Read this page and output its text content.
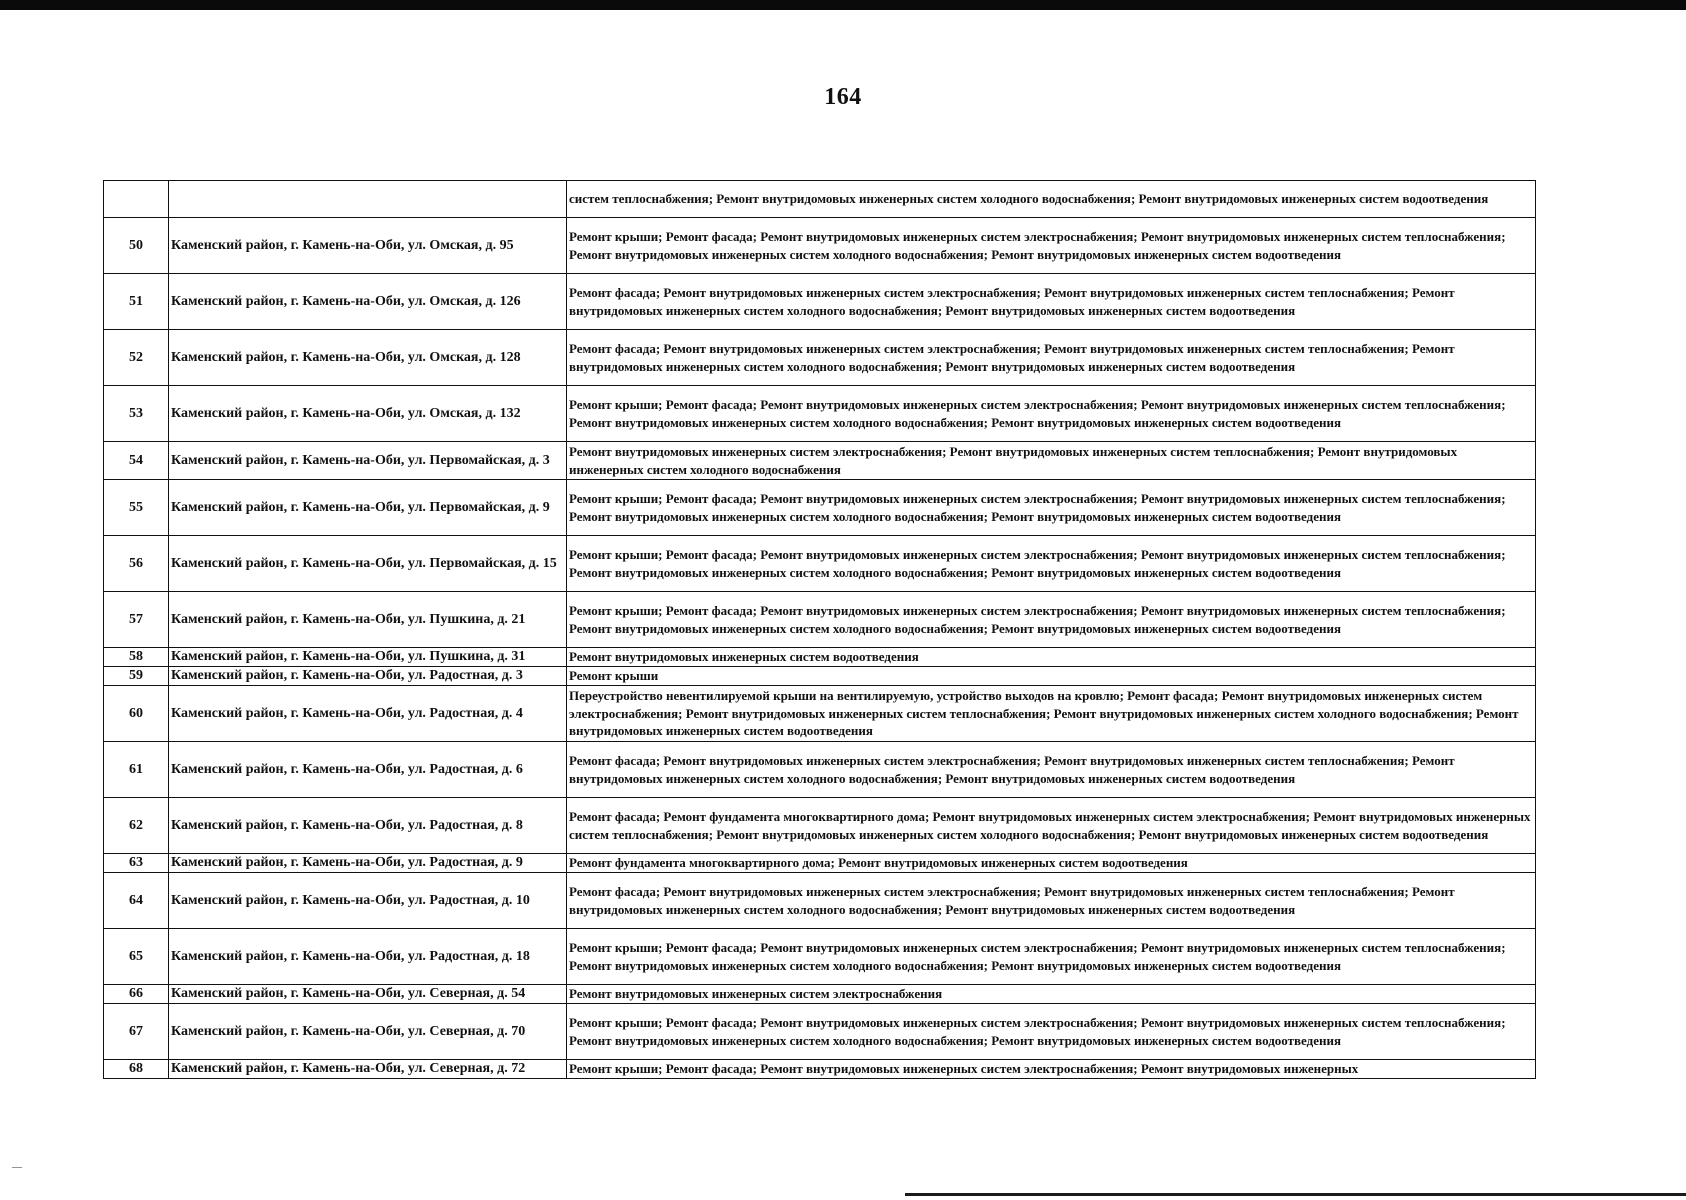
164
		систем теплоснабжения; Ремонт внутридомовых инженерных систем холодного водоснабжения; Ремонт внутридомовых инженерных систем водоотведения
50	Каменский район, г. Камень-на-Оби, ул. Омская, д. 95	Ремонт крыши; Ремонт фасада; Ремонт внутридомовых инженерных систем электроснабжения; Ремонт внутридомовых инженерных систем теплоснабжения; Ремонт внутридомовых инженерных систем холодного водоснабжения; Ремонт внутридомовых инженерных систем водоотведения
51	Каменский район, г. Камень-на-Оби, ул. Омская, д. 126	Ремонт фасада; Ремонт внутридомовых инженерных систем электроснабжения; Ремонт внутридомовых инженерных систем теплоснабжения; Ремонт внутридомовых инженерных систем холодного водоснабжения; Ремонт внутридомовых инженерных систем водоотведения
52	Каменский район, г. Камень-на-Оби, ул. Омская, д. 128	Ремонт фасада; Ремонт внутридомовых инженерных систем электроснабжения; Ремонт внутридомовых инженерных систем теплоснабжения; Ремонт внутридомовых инженерных систем холодного водоснабжения; Ремонт внутридомовых инженерных систем водоотведения
53	Каменский район, г. Камень-на-Оби, ул. Омская, д. 132	Ремонт крыши; Ремонт фасада; Ремонт внутридомовых инженерных систем электроснабжения; Ремонт внутридомовых инженерных систем теплоснабжения; Ремонт внутридомовых инженерных систем холодного водоснабжения; Ремонт внутридомовых инженерных систем водоотведения
54	Каменский район, г. Камень-на-Оби, ул. Первомайская, д. 3	Ремонт внутридомовых инженерных систем электроснабжения; Ремонт внутридомовых инженерных систем теплоснабжения; Ремонт внутридомовых инженерных систем холодного водоснабжения
55	Каменский район, г. Камень-на-Оби, ул. Первомайская, д. 9	Ремонт крыши; Ремонт фасада; Ремонт внутридомовых инженерных систем электроснабжения; Ремонт внутридомовых инженерных систем теплоснабжения; Ремонт внутридомовых инженерных систем холодного водоснабжения; Ремонт внутридомовых инженерных систем водоотведения
56	Каменский район, г. Камень-на-Оби, ул. Первомайская, д. 15	Ремонт крыши; Ремонт фасада; Ремонт внутридомовых инженерных систем электроснабжения; Ремонт внутридомовых инженерных систем теплоснабжения; Ремонт внутридомовых инженерных систем холодного водоснабжения; Ремонт внутридомовых инженерных систем водоотведения
57	Каменский район, г. Камень-на-Оби, ул. Пушкина, д. 21	Ремонт крыши; Ремонт фасада; Ремонт внутридомовых инженерных систем электроснабжения; Ремонт внутридомовых инженерных систем теплоснабжения; Ремонт внутридомовых инженерных систем холодного водоснабжения; Ремонт внутридомовых инженерных систем водоотведения
58	Каменский район, г. Камень-на-Оби, ул. Пушкина, д. 31	Ремонт внутридомовых инженерных систем водоотведения
59	Каменский район, г. Камень-на-Оби, ул. Радостная, д. 3	Ремонт крыши
60	Каменский район, г. Камень-на-Оби, ул. Радостная, д. 4	Переустройство невентилируемой крыши на вентилируемую, устройство выходов на кровлю; Ремонт фасада; Ремонт внутридомовых инженерных систем электроснабжения; Ремонт внутридомовых инженерных систем теплоснабжения; Ремонт внутридомовых инженерных систем холодного водоснабжения; Ремонт внутридомовых инженерных систем водоотведения
61	Каменский район, г. Камень-на-Оби, ул. Радостная, д. 6	Ремонт фасада; Ремонт внутридомовых инженерных систем электроснабжения; Ремонт внутридомовых инженерных систем теплоснабжения; Ремонт внутридомовых инженерных систем холодного водоснабжения; Ремонт внутридомовых инженерных систем водоотведения
62	Каменский район, г. Камень-на-Оби, ул. Радостная, д. 8	Ремонт фасада; Ремонт фундамента многоквартирного дома; Ремонт внутридомовых инженерных систем электроснабжения; Ремонт внутридомовых инженерных систем теплоснабжения; Ремонт внутридомовых инженерных систем холодного водоснабжения; Ремонт внутридомовых инженерных систем водоотведения
63	Каменский район, г. Камень-на-Оби, ул. Радостная, д. 9	Ремонт фундамента многоквартирного дома; Ремонт внутридомовых инженерных систем водоотведения
64	Каменский район, г. Камень-на-Оби, ул. Радостная, д. 10	Ремонт фасада; Ремонт внутридомовых инженерных систем электроснабжения; Ремонт внутридомовых инженерных систем теплоснабжения; Ремонт внутридомовых инженерных систем холодного водоснабжения; Ремонт внутридомовых инженерных систем водоотведения
65	Каменский район, г. Камень-на-Оби, ул. Радостная, д. 18	Ремонт крыши; Ремонт фасада; Ремонт внутридомовых инженерных систем электроснабжения; Ремонт внутридомовых инженерных систем теплоснабжения; Ремонт внутридомовых инженерных систем холодного водоснабжения; Ремонт внутридомовых инженерных систем водоотведения
66	Каменский район, г. Камень-на-Оби, ул. Северная, д. 54	Ремонт внутридомовых инженерных систем электроснабжения
67	Каменский район, г. Камень-на-Оби, ул. Северная, д. 70	Ремонт крыши; Ремонт фасада; Ремонт внутридомовых инженерных систем электроснабжения; Ремонт внутридомовых инженерных систем теплоснабжения; Ремонт внутридомовых инженерных систем холодного водоснабжения; Ремонт внутридомовых инженерных систем водоотведения
68	Каменский район, г. Камень-на-Оби, ул. Северная, д. 72	Ремонт крыши; Ремонт фасада; Ремонт внутридомовых инженерных систем электроснабжения; Ремонт внутридомовых инженерных
—
